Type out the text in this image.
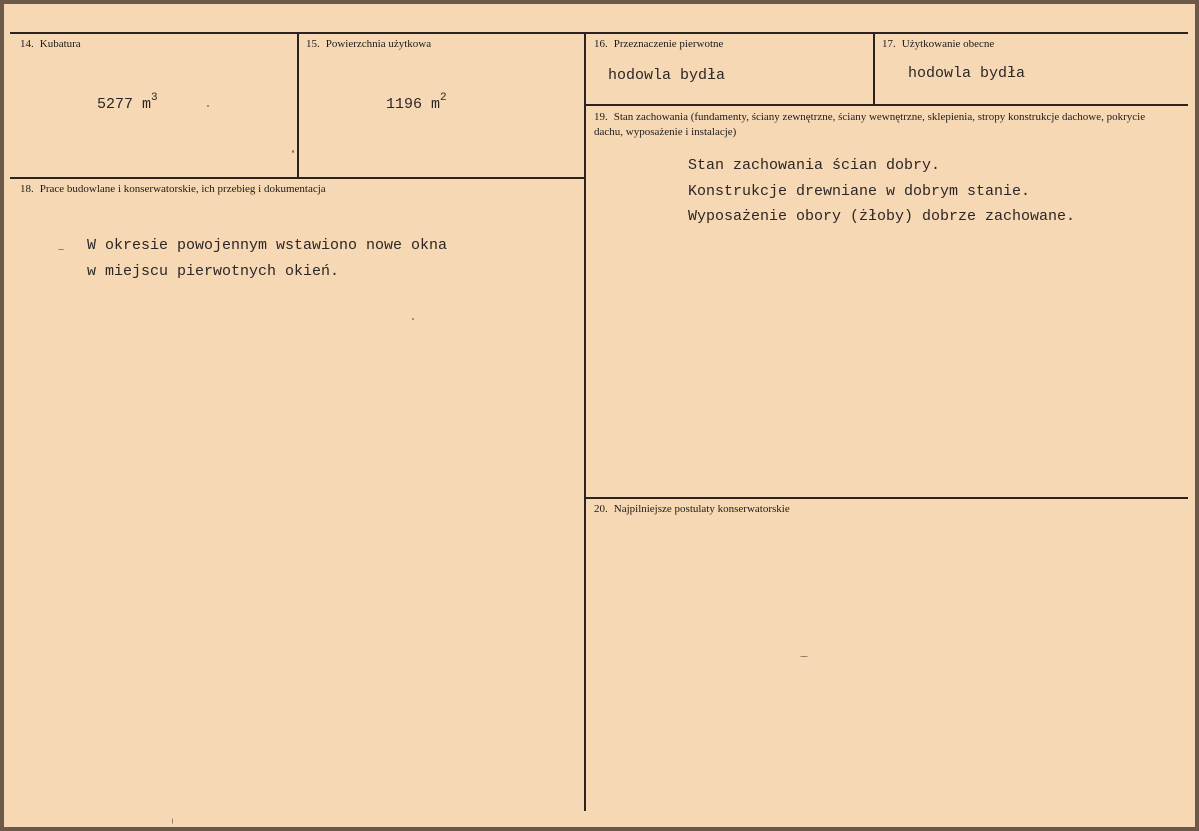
14. Kubatura
5277 $m^3$
15. Powierzchnia użytkowa
1196 $m^2$
16. Przeznaczenie pierwotne
hodowla bydła
17. Użytkowanie obecne
hodowla bydła
19. Stan zachowania (fundamenty, ściany zewnętrzne, ściany wewnętrzne, sklepienia, stropy konstrukcje dachowe, pokrycie dachu, wyposażenie i instalacje)
Stan zachowania ścian dobry.
Konstrukcje drewniane w dobrym stanie.
Wyposażenie obory (żłoby) dobrze zachowane.
18. Prace budowlane i konserwatorskie, ich przebieg i dokumentacja
W okresie powojennym wstawiono nowe okna
w miejscu pierwotnych okień.
20. Najpilniejsze postulaty konserwatorskie
